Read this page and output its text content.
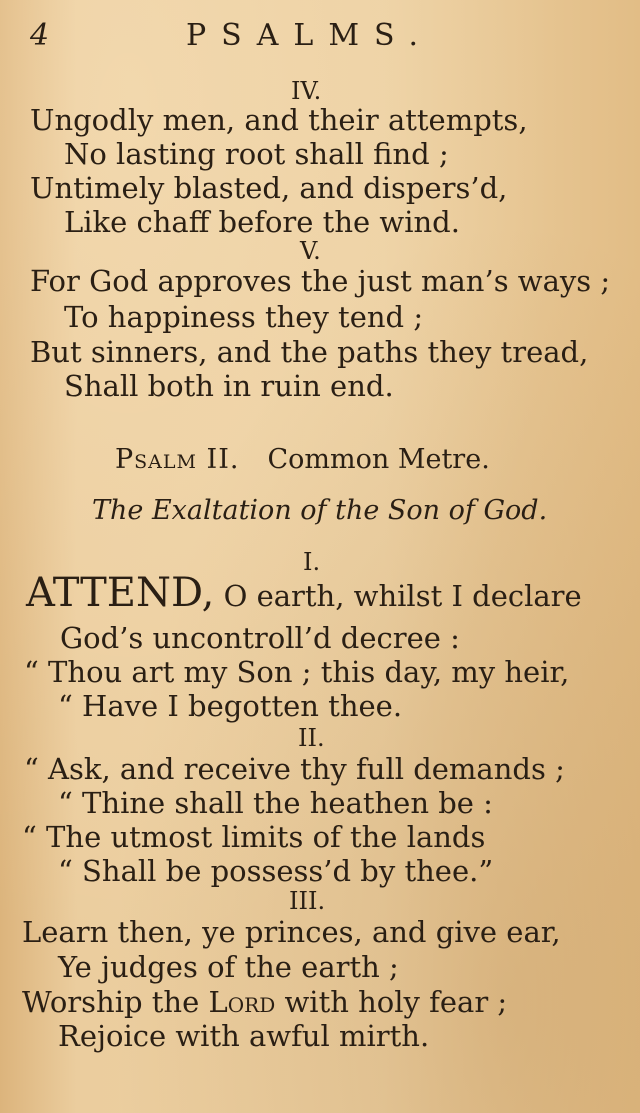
4	PSALMS.
IV.
Ungodly men, and their attempts,
No lasting root shall find ;
Untimely blasted, and dispers’d,
Like chaff before the wind.
V.
For God approves the just man’s ways ;
To happiness they tend ;
But sinners, and the paths they tread,
Shall both in ruin end.
Psalm II. Common Metre.
The Exaltation of the Son of God.
I.
ATTEND, O earth, whilst I declare
God’s uncontroll’d decree :
“ Thou art my Son ; this day, my heir,
“ Have I begotten thee.
II.
“ Ask, and receive thy full demands ;
“ Thine shall the heathen be :
“ The utmost limits of the lands
“ Shall be possess’d by thee.”
III.
Learn then, ye princes, and give ear,
Ye judges of the earth ;
Worship the Lord with holy fear ;
Rejoice with awful mirth.
